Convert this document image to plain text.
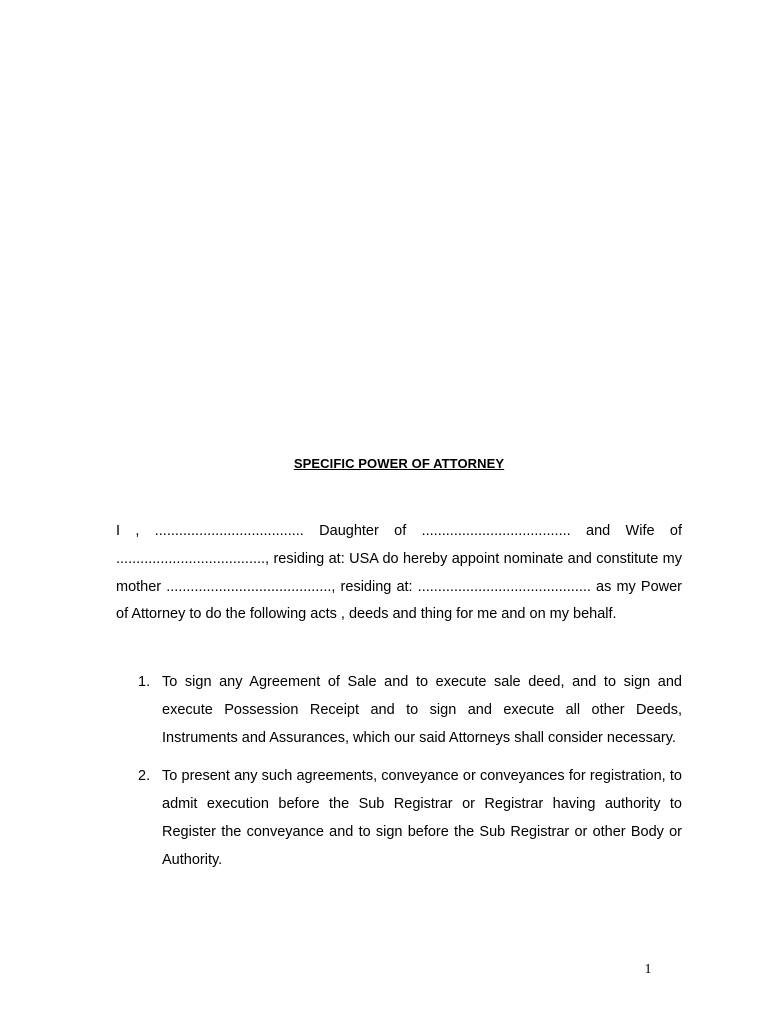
SPECIFIC POWER OF ATTORNEY

I , ..................................... Daughter of ..................................... and Wife of ....................................., residing at: USA do hereby appoint nominate and constitute my mother ........................................., residing at: ........................................... as my Power of Attorney to do the following acts , deeds and thing for me and on my behalf.

1. To sign any Agreement of Sale and to execute sale deed, and to sign and execute Possession Receipt and to sign and execute all other Deeds, Instruments and Assurances, which our said Attorneys shall consider necessary.
2. To present any such agreements, conveyance or conveyances for registration, to admit execution before the Sub Registrar or Registrar having authority to Register the conveyance and to sign before the Sub Registrar or other Body or Authority.
1
